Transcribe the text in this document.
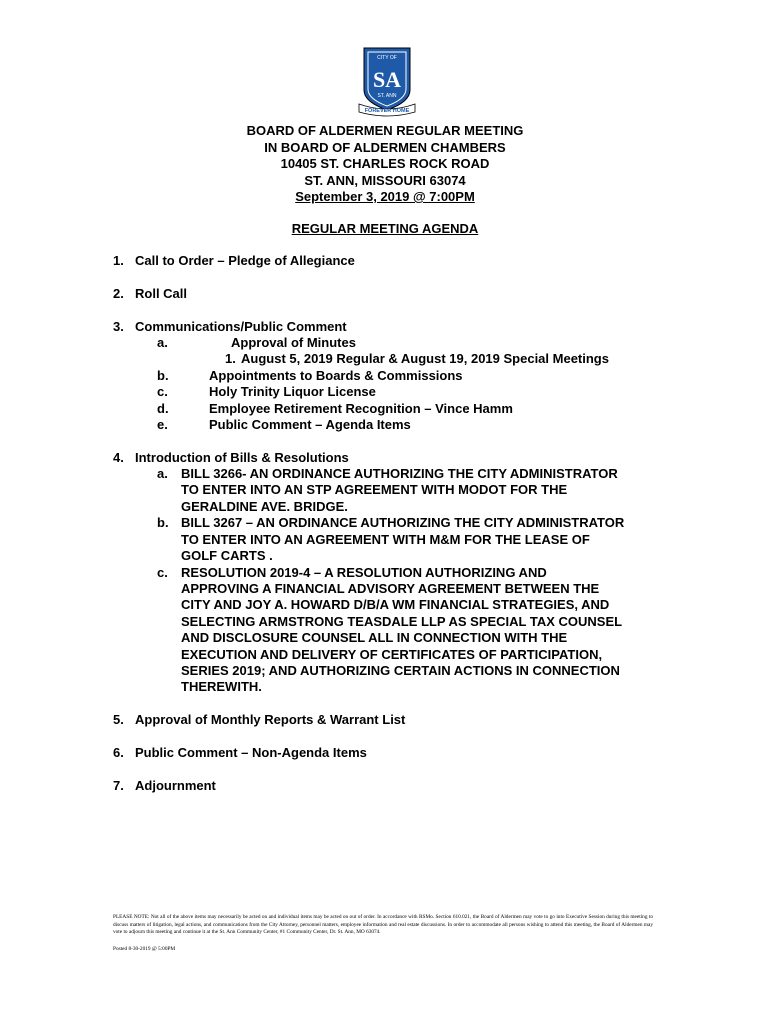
CITY OF
SA
ST. ANN
FOREVER HOME
BOARD OF ALDERMEN REGULAR MEETING
IN BOARD OF ALDERMEN CHAMBERS
10405 ST. CHARLES ROCK ROAD
ST. ANN, MISSOURI 63074
September 3, 2019 @ 7:00PM
REGULAR MEETING AGENDA
1. Call to Order – Pledge of Allegiance
2. Roll Call
3. Communications/Public Comment
a.	Approval of Minutes
1. August 5, 2019 Regular & August 19, 2019 Special Meetings
b.	Appointments to Boards & Commissions
c.	Holy Trinity Liquor License
d.	Employee Retirement Recognition – Vince Hamm
e.	Public Comment – Agenda Items
4. Introduction of Bills & Resolutions
a. BILL 3266- AN ORDINANCE AUTHORIZING THE CITY ADMINISTRATOR
TO ENTER INTO AN STP AGREEMENT WITH MODOT FOR THE
GERALDINE AVE. BRIDGE.
b. BILL 3267 – AN ORDINANCE AUTHORIZING THE CITY ADMINISTRATOR
TO ENTER INTO AN AGREEMENT WITH M&M FOR THE LEASE OF
GOLF CARTS .
c. RESOLUTION 2019-4 – A RESOLUTION AUTHORIZING AND
APPROVING A FINANCIAL ADVISORY AGREEMENT BETWEEN THE
CITY AND JOY A. HOWARD D/B/A WM FINANCIAL STRATEGIES, AND
SELECTING ARMSTRONG TEASDALE LLP AS SPECIAL TAX COUNSEL
AND DISCLOSURE COUNSEL ALL IN CONNECTION WITH THE
EXECUTION AND DELIVERY OF CERTIFICATES OF PARTICIPATION,
SERIES 2019; AND AUTHORIZING CERTAIN ACTIONS IN CONNECTION
THEREWITH.
5. Approval of Monthly Reports & Warrant List
6. Public Comment – Non-Agenda Items
7. Adjournment
PLEASE NOTE: Not all of the above items may necessarily be acted on and individual items may be acted on out of order. In accordance with RSMo. Section 610.021, the Board of Aldermen may vote to go into Executive Session during this meeting to discuss matters of litigation, legal actions, and communications from the City Attorney, personnel matters, employee information and real estate discussions. In order to accommodate all persons wishing to attend this meeting, the Board of Aldermen may vote to adjourn this meeting and continue it at the St. Ann Community Center, #1 Community Center, Dr. St. Ann, MO 63074.
Posted 8-30-2019 @ 5:00PM
